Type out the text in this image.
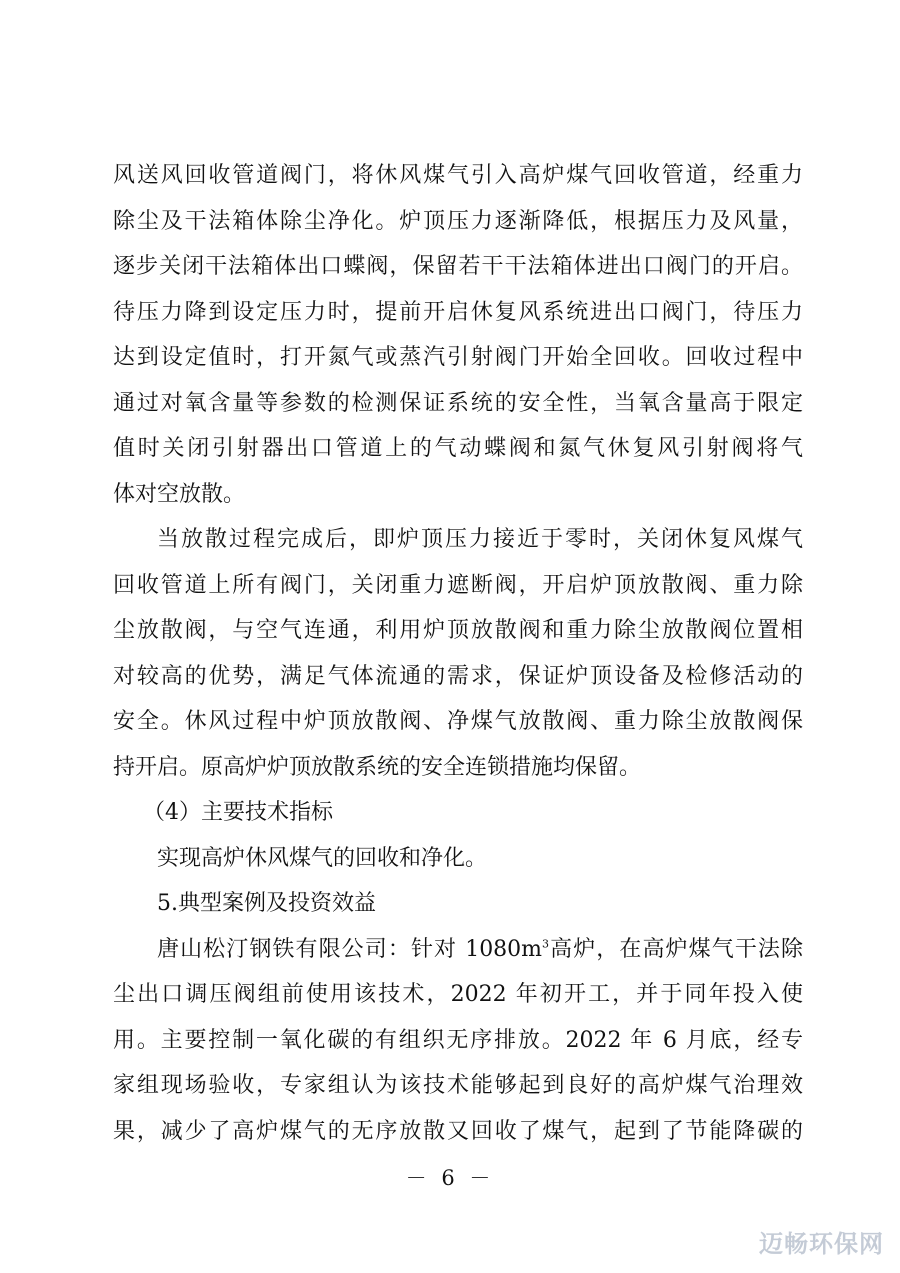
风送风回收管道阀门，将休风煤气引入高炉煤气回收管道，经重力
除尘及干法箱体除尘净化。炉顶压力逐渐降低，根据压力及风量，
逐步关闭干法箱体出口蝶阀，保留若干干法箱体进出口阀门的开启。
待压力降到设定压力时，提前开启休复风系统进出口阀门，待压力
达到设定值时，打开氮气或蒸汽引射阀门开始全回收。回收过程中
通过对氧含量等参数的检测保证系统的安全性，当氧含量高于限定
值时关闭引射器出口管道上的气动蝶阀和氮气休复风引射阀将气
体对空放散。
当放散过程完成后，即炉顶压力接近于零时，关闭休复风煤气
回收管道上所有阀门，关闭重力遮断阀，开启炉顶放散阀、重力除
尘放散阀，与空气连通，利用炉顶放散阀和重力除尘放散阀位置相
对较高的优势，满足气体流通的需求，保证炉顶设备及检修活动的
安全。休风过程中炉顶放散阀、净煤气放散阀、重力除尘放散阀保
持开启。原高炉炉顶放散系统的安全连锁措施均保留。
（4）主要技术指标
实现高炉休风煤气的回收和净化。
5.典型案例及投资效益
唐山松汀钢铁有限公司：针对 $1080m^3$高炉，在高炉煤气干法除
尘出口调压阀组前使用该技术，2022 年初开工，并于同年投入使
用。主要控制一氧化碳的有组织无序排放。2022 年 6 月底，经专
家组现场验收，专家组认为该技术能够起到良好的高炉煤气治理效
果，减少了高炉煤气的无序放散又回收了煤气，起到了节能降碳的
－ 6 －
迈畅环保网
